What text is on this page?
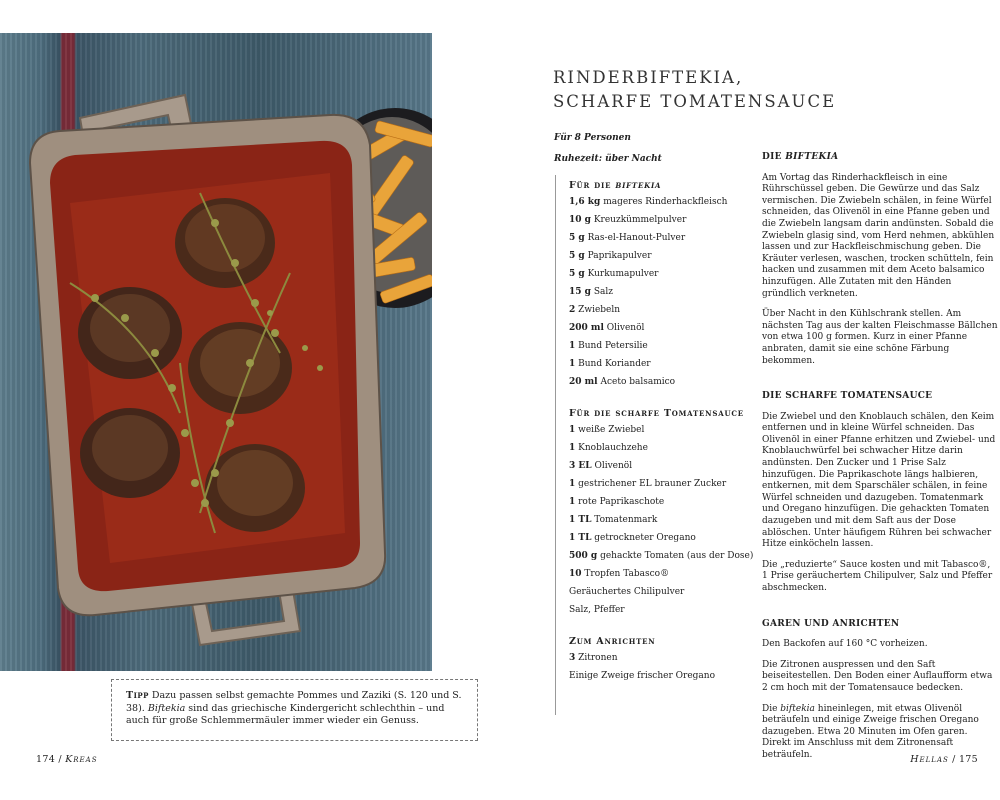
Tipp Dazu passen selbst gemachte Pommes und Zaziki (S. 120 und S. 38). Biftekia sind das griechische Kindergericht schlechthin – und auch für große Schlemmermäuler immer wieder ein Genuss.
174 / Kreas
RINDERBIFTEKIA,
SCHARFE TOMATENSAUCE
Für 8 Personen
Ruhezeit: über Nacht
Für die biftekia
1,6 kg mageres Rinderhackfleisch
10 g Kreuzkümmelpulver
5 g Ras-el-Hanout-Pulver
5 g Paprikapulver
5 g Kurkumapulver
15 g Salz
2 Zwiebeln
200 ml Olivenöl
1 Bund Petersilie
1 Bund Koriander
20 ml Aceto balsamico
Für die scharfe Tomatensauce
1 weiße Zwiebel
1 Knoblauchzehe
3 EL Olivenöl
1 gestrichener EL brauner Zucker
1 rote Paprikaschote
1 TL Tomatenmark
1 TL getrockneter Oregano
500 g gehackte Tomaten (aus der Dose)
10 Tropfen Tabasco®
Geräuchertes Chilipulver
Salz, Pfeffer
Zum Anrichten
3 Zitronen
Einige Zweige frischer Oregano
DIE BIFTEKIA

Am Vortag das Rinderhackfleisch in eine Rührschüssel geben. Die Gewürze und das Salz vermischen. Die Zwiebeln schälen, in feine Würfel schneiden, das Olivenöl in eine Pfanne geben und die Zwiebeln langsam darin andünsten. Sobald die Zwiebeln glasig sind, vom Herd nehmen, abkühlen lassen und zur Hackfleischmischung geben. Die Kräuter verlesen, waschen, trocken schütteln, fein hacken und zusammen mit dem Aceto balsamico hinzufügen. Alle Zutaten mit den Händen gründlich verkneten.

Über Nacht in den Kühlschrank stellen. Am nächsten Tag aus der kalten Fleischmasse Bällchen von etwa 100 g formen. Kurz in einer Pfanne anbraten, damit sie eine schöne Färbung bekommen.

DIE SCHARFE TOMATENSAUCE

Die Zwiebel und den Knoblauch schälen, den Keim entfernen und in kleine Würfel schneiden. Das Olivenöl in einer Pfanne erhitzen und Zwiebel- und Knoblauchwürfel bei schwacher Hitze darin andünsten. Den Zucker und 1 Prise Salz hinzufügen. Die Paprikaschote längs halbieren, entkernen, mit dem Sparschäler schälen, in feine Würfel schneiden und dazugeben. Tomatenmark und Oregano hinzufügen. Die gehackten Tomaten dazugeben und mit dem Saft aus der Dose ablöschen. Unter häufigem Rühren bei schwacher Hitze einköcheln lassen.

Die „reduzierte“ Sauce kosten und mit Tabasco®, 1 Prise geräuchertem Chilipulver, Salz und Pfeffer abschmecken.

GAREN UND ANRICHTEN

Den Backofen auf 160 °C vorheizen.

Die Zitronen auspressen und den Saft beiseitestellen. Den Boden einer Auflaufform etwa 2 cm hoch mit der Tomatensauce bedecken.

Die biftekia hineinlegen, mit etwas Olivenöl beträufeln und einige Zweige frischen Oregano dazugeben. Etwa 20 Minuten im Ofen garen. Direkt im Anschluss mit dem Zitronensaft beträufeln.	Hellas / 175
